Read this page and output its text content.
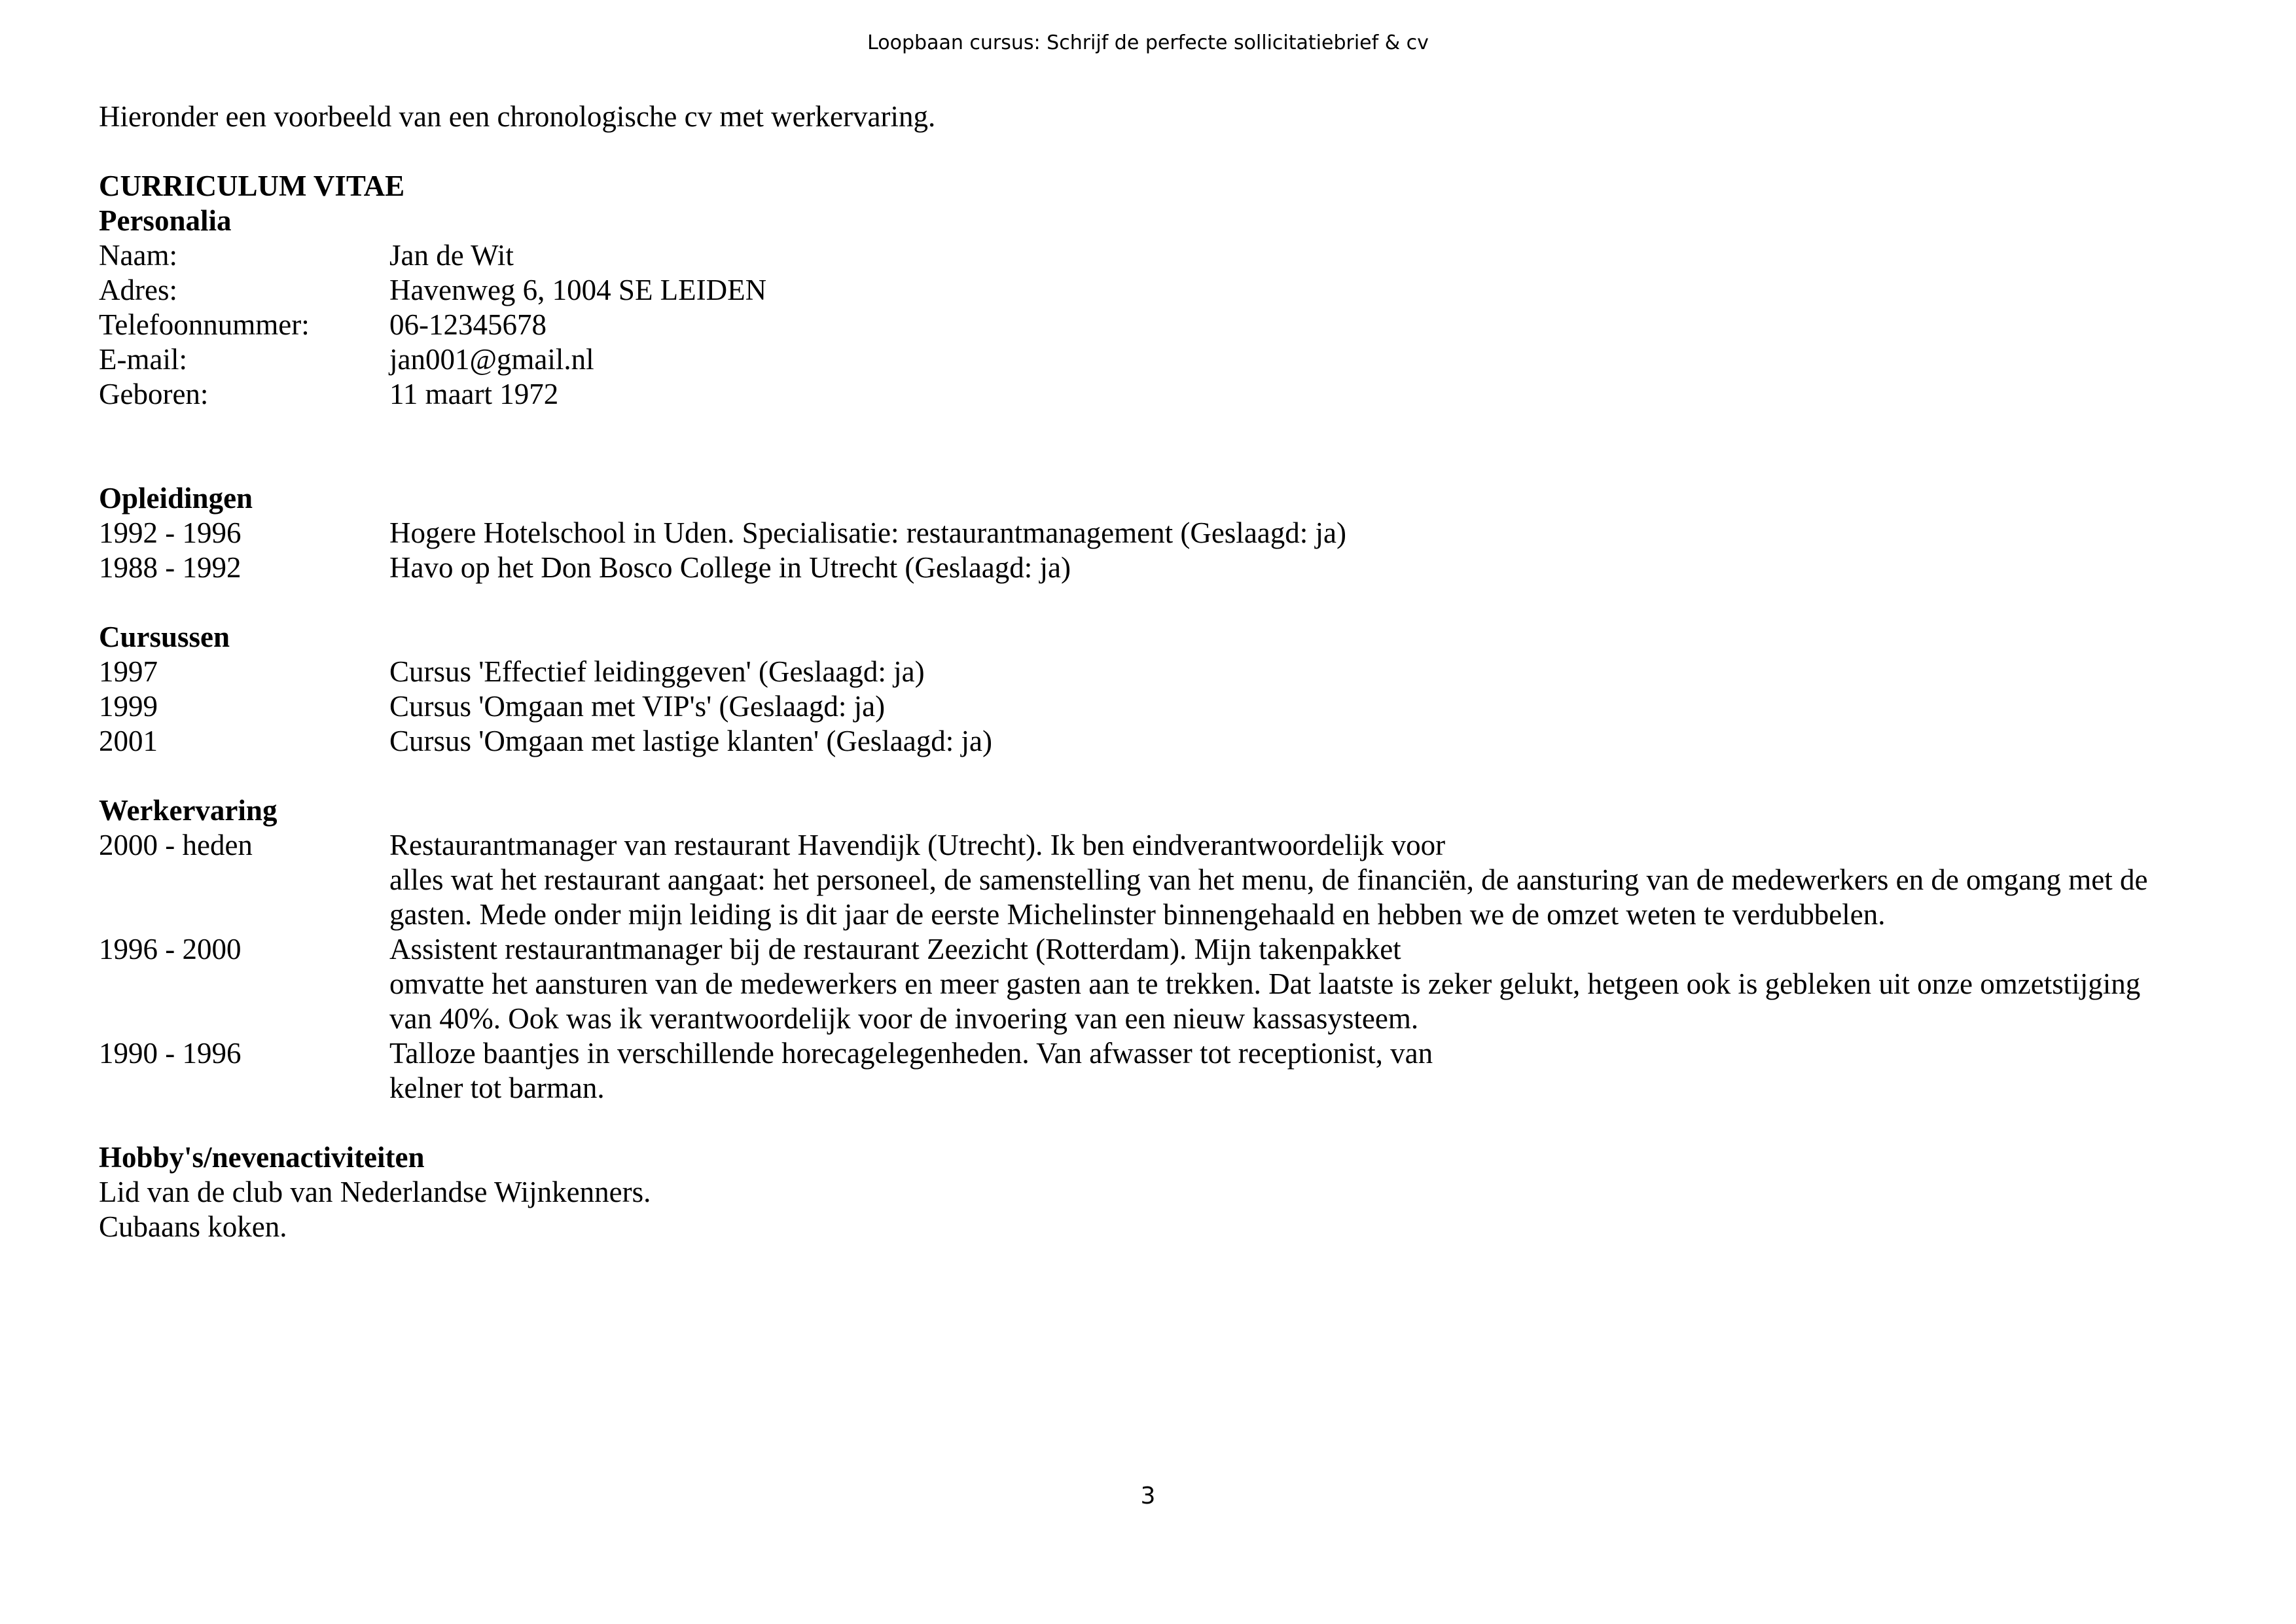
Loopbaan cursus: Schrijf de perfecte sollicitatiebrief & cv
Hieronder een voorbeeld van een chronologische cv met werkervaring.
CURRICULUM VITAE
Personalia
Naam:	Jan de Wit
Adres:	Havenweg 6, 1004 SE LEIDEN
Telefoonnummer:	06-12345678
E-mail:	jan001@gmail.nl
Geboren:	11 maart 1972
Opleidingen
1992 - 1996	Hogere Hotelschool in Uden. Specialisatie: restaurantmanagement (Geslaagd: ja)
1988 - 1992	Havo op het Don Bosco College in Utrecht (Geslaagd: ja)
Cursussen
1997	Cursus 'Effectief leidinggeven' (Geslaagd: ja)
1999	Cursus 'Omgaan met VIP's' (Geslaagd: ja)
2001	Cursus 'Omgaan met lastige klanten' (Geslaagd: ja)
Werkervaring
2000 - heden	Restaurantmanager van restaurant Havendijk (Utrecht). Ik ben eindverantwoordelijk voor
alles wat het restaurant aangaat: het personeel, de samenstelling van het menu, de financiën, de aansturing van de medewerkers en de omgang met de
gasten. Mede onder mijn leiding is dit jaar de eerste Michelinster binnengehaald en hebben we de omzet weten te verdubbelen.
1996 - 2000	Assistent restaurantmanager bij de restaurant Zeezicht (Rotterdam). Mijn takenpakket
omvatte het aansturen van de medewerkers en meer gasten aan te trekken. Dat laatste is zeker gelukt, hetgeen ook is gebleken uit onze omzetstijging
van 40%. Ook was ik verantwoordelijk voor de invoering van een nieuw kassasysteem.
1990 - 1996	Talloze baantjes in verschillende horecagelegenheden. Van afwasser tot receptionist, van
kelner tot barman.
Hobby's/nevenactiviteiten
Lid van de club van Nederlandse Wijnkenners.
Cubaans koken.
3
